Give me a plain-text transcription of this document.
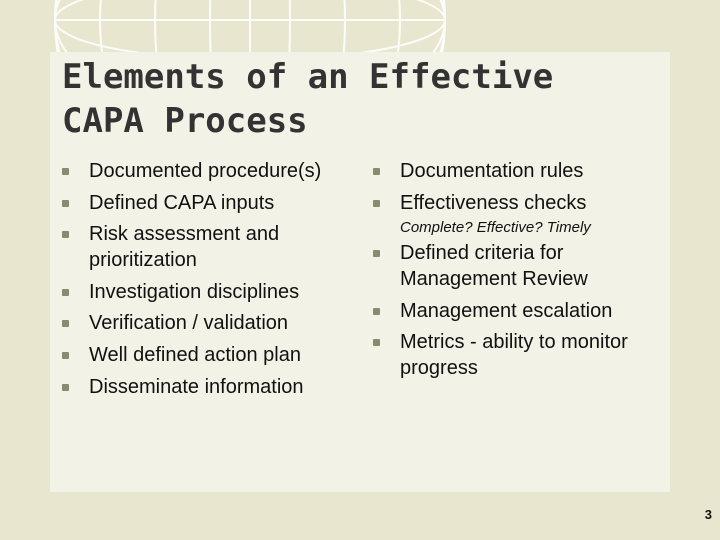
Elements of an Effective
CAPA Process
Documented procedure(s)
Defined CAPA inputs
Risk assessment and prioritization
Investigation disciplines
Verification / validation
Well defined action plan
Disseminate information
Documentation rules
Effectiveness checks
Complete? Effective? Timely
Defined criteria for Management Review
Management escalation
Metrics - ability to monitor progress
3
